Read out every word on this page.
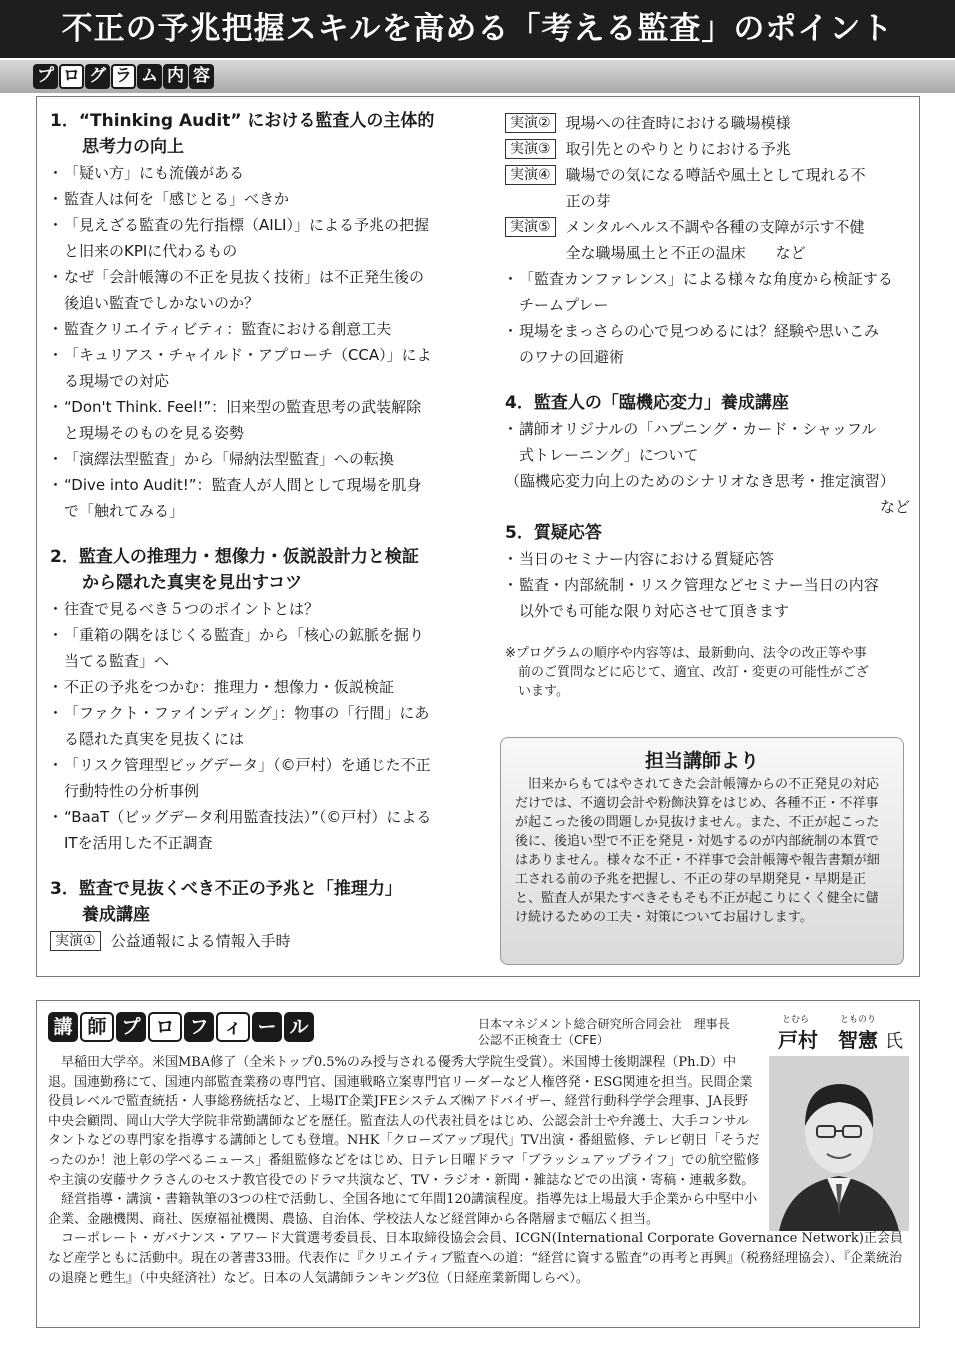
不正の予兆把握スキルを高める「考える監査」のポイント
プ ロ グ ラ ム 内 容
1．“Thinking Audit” における監査人の主体的
思考力の向上
・ 「疑い方」にも流儀がある
・ 監査人は何を「感じとる」べきか
・ 「見えざる監査の先行指標（AILI）」による予兆の把握
と旧来のKPIに代わるもの
・ なぜ「会計帳簿の不正を見抜く技術」は不正発生後の
後追い監査でしかないのか？
・ 監査クリエイティビティ：監査における創意工夫
・ 「キュリアス・チャイルド・アプローチ（CCA）」によ
る現場での対応
・ “Don't Think. Feel!”：旧来型の監査思考の武装解除
と現場そのものを見る姿勢
・ 「演繹法型監査」から「帰納法型監査」への転換
・ “Dive into Audit!”：監査人が人間として現場を肌身
で「触れてみる」
2．監査人の推理力・想像力・仮説設計力と検証
から隠れた真実を見出すコツ
・ 往査で見るべき５つのポイントとは？
・ 「重箱の隅をほじくる監査」から「核心の鉱脈を掘り
当てる監査」へ
・ 不正の予兆をつかむ：推理力・想像力・仮説検証
・ 「ファクト・ファインディング」：物事の「行間」にあ
る隠れた真実を見抜くには
・ 「リスク管理型ビッグデータ」（©戸村）を通じた不正
行動特性の分析事例
・ “BaaT（ビッグデータ利用監査技法）”（©戸村）による
ITを活用した不正調査
3．監査で見抜くべき不正の予兆と「推理力」
養成講座
実演①	公益通報による情報入手時
実演②	現場への往査時における職場模様
実演③	取引先とのやりとりにおける予兆
実演④	職場での気になる噂話や風土として現れる不
正の芽
実演⑤	メンタルヘルス不調や各種の支障が示す不健
全な職場風土と不正の温床　　など
・ 「監査カンファレンス」による様々な角度から検証する
チームプレー
・ 現場をまっさらの心で見つめるには？経験や思いこみ
のワナの回避術
4．監査人の「臨機応変力」養成講座
・ 講師オリジナルの「ハプニング・カード・シャッフル
式トレーニング」について
（臨機応変力向上のためのシナリオなき思考・推定演習）
など
5．質疑応答
・ 当日のセミナー内容における質疑応答
・ 監査・内部統制・リスク管理などセミナー当日の内容
以外でも可能な限り対応させて頂きます
※プログラムの順序や内容等は、最新動向、法令の改正等や事
　前のご質問などに応じて、適宜、改訂・変更の可能性がござ
　います。
担当講師より
旧来からもてはやされてきた会計帳簿からの不正発見の対応だけでは、不適切会計や粉飾決算をはじめ、各種不正・不祥事が起こった後の問題しか見抜けません。また、不正が起こった後に、後追い型で不正を発見・対処するのが内部統制の本質ではありません。様々な不正・不祥事で会計帳簿や報告書類が細工される前の予兆を把握し、不正の芽の早期発見・早期是正と、監査人が果たすべきそもそも不正が起こりにくく健全に儲け続けるための工夫・対策についてお届けします。
講 師 プ ロ フ ィ ー ル	日本マネジメント総合研究所合同会社　理事長
公認不正検査士（CFE）
とむら	とものり
戸村　智憲 氏

早稲田大学卒。米国MBA修了（全米トップ0.5%のみ授与される優秀大学院生受賞）。米国博士後期課程（Ph.D）中退。国連勤務にて、国連内部監査業務の専門官、国連戦略立案専門官リーダーなど人権啓発・ESG関連を担当。民間企業役員レベルで監査統括・人事総務統括など、上場IT企業JFEシステムズ㈱アドバイザー、経営行動科学学会理事、JA長野中央会顧問、岡山大学大学院非常勤講師などを歴任。監査法人の代表社員をはじめ、公認会計士や弁護士、大手コンサルタントなどの専門家を指導する講師としても登壇。NHK「クローズアップ現代」TV出演・番組監修、テレビ朝日「そうだったのか！池上彰の学べるニュース」番組監修などをはじめ、日テレ日曜ドラマ「ブラッシュアップライフ」での航空監修や主演の安藤サクラさんのセスナ教官役でのドラマ共演など、TV・ラジオ・新聞・雑誌などでの出演・寄稿・連載多数。

経営指導・講演・書籍執筆の3つの柱で活動し、全国各地にて年間120講演程度。指導先は上場最大手企業から中堅中小企業、金融機関、商社、医療福祉機関、農協、自治体、学校法人など経営陣から各階層まで幅広く担当。

コーポレート・ガバナンス・アワード大賞選考委員長、日本取締役協会会員、ICGN(International Corporate Governance Network)正会員など産学ともに活動中。現在の著書33冊。代表作に『クリエイティブ監査への道：“経営に資する監査”の再考と再興』（税務経理協会）、『企業統治の退廃と甦生』（中央経済社）など。日本の人気講師ランキング3位（日経産業新聞しらべ）。
